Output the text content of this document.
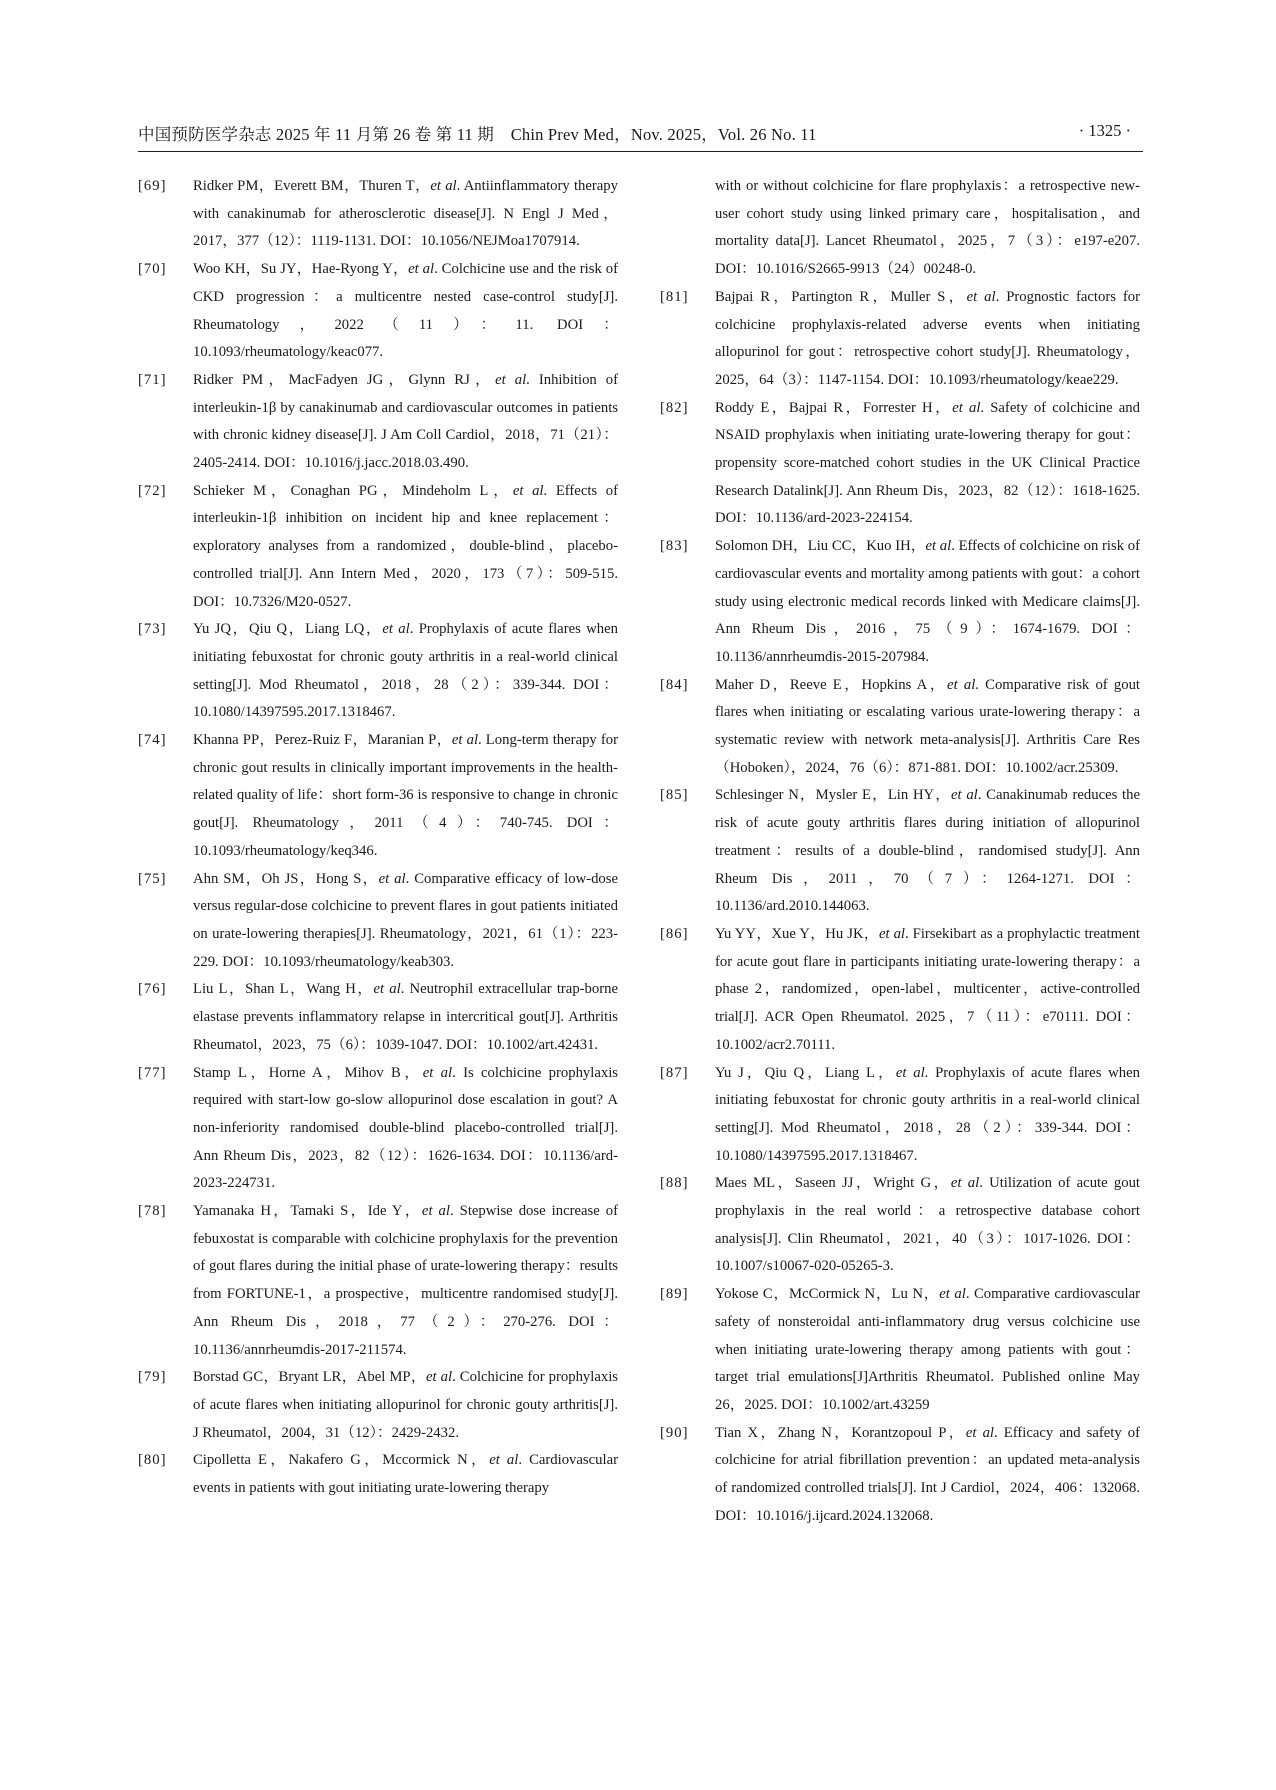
中国预防医学杂志 2025 年 11 月第 26 卷 第 11 期　Chin Prev Med，Nov. 2025，Vol. 26 No. 11	· 1325 ·
[69] Ridker PM，Everett BM，Thuren T，et al. Antiinflammatory therapy with canakinumab for atherosclerotic disease[J]. N Engl J Med，2017，377（12）：1119-1131. DOI：10.1056/NEJMoa1707914.
[70] Woo KH，Su JY，Hae-Ryong Y，et al. Colchicine use and the risk of CKD progression：a multicentre nested case-control study[J]. Rheumatology，2022（11）：11. DOI：10.1093/rheumatology/keac077.
[71] Ridker PM，MacFadyen JG，Glynn RJ，et al. Inhibition of interleukin-1β by canakinumab and cardiovascular outcomes in patients with chronic kidney disease[J]. J Am Coll Cardiol，2018，71（21）：2405-2414. DOI：10.1016/j.jacc.2018.03.490.
[72] Schieker M，Conaghan PG，Mindeholm L，et al. Effects of interleukin-1β inhibition on incident hip and knee replacement：exploratory analyses from a randomized，double-blind，placebo-controlled trial[J]. Ann Intern Med，2020，173（7）：509-515. DOI：10.7326/M20-0527.
[73] Yu JQ，Qiu Q，Liang LQ，et al. Prophylaxis of acute flares when initiating febuxostat for chronic gouty arthritis in a real-world clinical setting[J]. Mod Rheumatol，2018，28（2）：339-344. DOI：10.1080/14397595.2017.1318467.
[74] Khanna PP，Perez-Ruiz F，Maranian P，et al. Long-term therapy for chronic gout results in clinically important improvements in the health-related quality of life：short form-36 is responsive to change in chronic gout[J]. Rheumatology，2011（4）：740-745. DOI：10.1093/rheumatology/keq346.
[75] Ahn SM，Oh JS，Hong S，et al. Comparative efficacy of low-dose versus regular-dose colchicine to prevent flares in gout patients initiated on urate-lowering therapies[J]. Rheumatology，2021，61（1）：223-229. DOI：10.1093/rheumatology/keab303.
[76] Liu L，Shan L，Wang H，et al. Neutrophil extracellular trap-borne elastase prevents inflammatory relapse in intercritical gout[J]. Arthritis Rheumatol，2023，75（6）：1039-1047. DOI：10.1002/art.42431.
[77] Stamp L，Horne A，Mihov B，et al. Is colchicine prophylaxis required with start-low go-slow allopurinol dose escalation in gout? A non-inferiority randomised double-blind placebo-controlled trial[J]. Ann Rheum Dis，2023，82（12）：1626-1634. DOI：10.1136/ard-2023-224731.
[78] Yamanaka H，Tamaki S，Ide Y，et al. Stepwise dose increase of febuxostat is comparable with colchicine prophylaxis for the prevention of gout flares during the initial phase of urate-lowering therapy：results from FORTUNE-1，a prospective，multicentre randomised study[J]. Ann Rheum Dis，2018，77（2）：270-276. DOI：10.1136/annrheumdis-2017-211574.
[79] Borstad GC，Bryant LR，Abel MP，et al. Colchicine for prophylaxis of acute flares when initiating allopurinol for chronic gouty arthritis[J]. J Rheumatol，2004，31（12）：2429-2432.
[80] Cipolletta E，Nakafero G，Mccormick N，et al. Cardiovascular events in patients with gout initiating urate-lowering therapy
with or without colchicine for flare prophylaxis：a retrospective new-user cohort study using linked primary care，hospitalisation，and mortality data[J]. Lancet Rheumatol，2025，7（3）：e197-e207. DOI：10.1016/S2665-9913（24）00248-0.
[81] Bajpai R，Partington R，Muller S，et al. Prognostic factors for colchicine prophylaxis-related adverse events when initiating allopurinol for gout：retrospective cohort study[J]. Rheumatology，2025，64（3）：1147-1154. DOI：10.1093/rheumatology/keae229.
[82] Roddy E，Bajpai R，Forrester H，et al. Safety of colchicine and NSAID prophylaxis when initiating urate-lowering therapy for gout：propensity score-matched cohort studies in the UK Clinical Practice Research Datalink[J]. Ann Rheum Dis，2023，82（12）：1618-1625. DOI：10.1136/ard-2023-224154.
[83] Solomon DH，Liu CC，Kuo IH，et al. Effects of colchicine on risk of cardiovascular events and mortality among patients with gout：a cohort study using electronic medical records linked with Medicare claims[J]. Ann Rheum Dis，2016，75（9）：1674-1679. DOI：10.1136/annrheumdis-2015-207984.
[84] Maher D，Reeve E，Hopkins A，et al. Comparative risk of gout flares when initiating or escalating various urate-lowering therapy：a systematic review with network meta-analysis[J]. Arthritis Care Res（Hoboken），2024，76（6）：871-881. DOI：10.1002/acr.25309.
[85] Schlesinger N，Mysler E，Lin HY，et al. Canakinumab reduces the risk of acute gouty arthritis flares during initiation of allopurinol treatment：results of a double-blind，randomised study[J]. Ann Rheum Dis，2011，70（7）：1264-1271. DOI：10.1136/ard.2010.144063.
[86] Yu YY，Xue Y，Hu JK，et al. Firsekibart as a prophylactic treatment for acute gout flare in participants initiating urate-lowering therapy：a phase 2，randomized，open-label，multicenter，active-controlled trial[J]. ACR Open Rheumatol. 2025，7（11）：e70111. DOI：10.1002/acr2.70111.
[87] Yu J，Qiu Q，Liang L，et al. Prophylaxis of acute flares when initiating febuxostat for chronic gouty arthritis in a real-world clinical setting[J]. Mod Rheumatol，2018，28（2）：339-344. DOI：10.1080/14397595.2017.1318467.
[88] Maes ML，Saseen JJ，Wright G，et al. Utilization of acute gout prophylaxis in the real world：a retrospective database cohort analysis[J]. Clin Rheumatol，2021，40（3）：1017-1026. DOI：10.1007/s10067-020-05265-3.
[89] Yokose C，McCormick N，Lu N，et al. Comparative cardiovascular safety of nonsteroidal anti-inflammatory drug versus colchicine use when initiating urate-lowering therapy among patients with gout：target trial emulations[J]Arthritis Rheumatol. Published online May 26，2025. DOI：10.1002/art.43259
[90] Tian X，Zhang N，Korantzopoul P，et al. Efficacy and safety of colchicine for atrial fibrillation prevention：an updated meta-analysis of randomized controlled trials[J]. Int J Cardiol，2024，406：132068. DOI：10.1016/j.ijcard.2024.132068.
